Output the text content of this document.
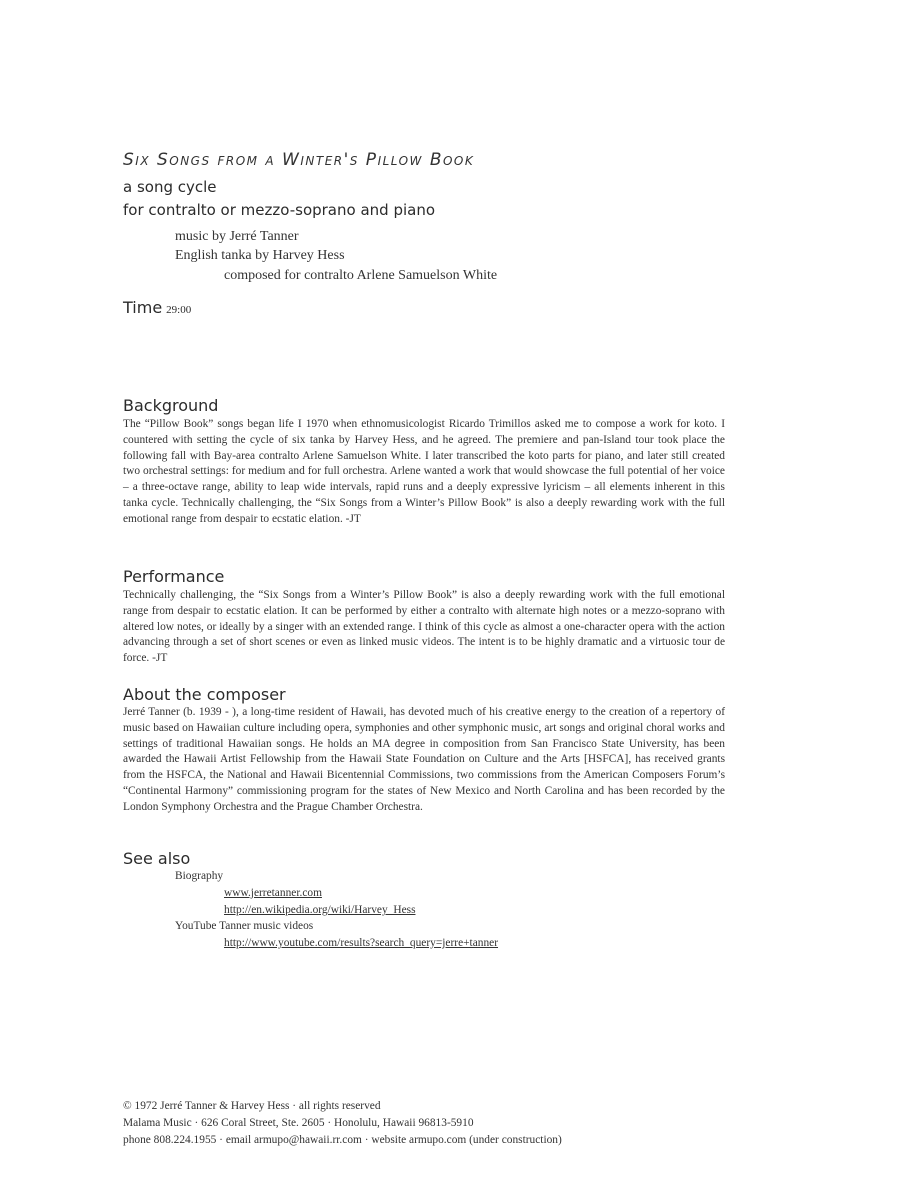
Six Songs from a Winter's Pillow Book
a song cycle
for contralto or mezzo-soprano and piano
music by Jerré Tanner
English tanka by Harvey Hess
composed for contralto Arlene Samuelson White
Time 29:00
Background
The “Pillow Book” songs began life I 1970 when ethnomusicologist Ricardo Trimillos asked me to compose a work for koto. I countered with setting the cycle of six tanka by Harvey Hess, and he agreed. The premiere and pan-Island tour took place the following fall with Bay-area contralto Arlene Samuelson White. I later transcribed the koto parts for piano, and later still created two orchestral settings: for medium and for full orchestra. Arlene wanted a work that would showcase the full potential of her voice – a three-octave range, ability to leap wide intervals, rapid runs and a deeply expressive lyricism – all elements inherent in this tanka cycle. Technically challenging, the “Six Songs from a Winter’s Pillow Book” is also a deeply rewarding work with the full emotional range from despair to ecstatic elation. -JT
Performance
Technically challenging, the “Six Songs from a Winter’s Pillow Book” is also a deeply rewarding work with the full emotional range from despair to ecstatic elation. It can be performed by either a contralto with alternate high notes or a mezzo-soprano with altered low notes, or ideally by a singer with an extended range. I think of this cycle as almost a one-character opera with the action advancing through a set of short scenes or even as linked music videos. The intent is to be highly dramatic and a virtuosic tour de force. -JT
About the composer
Jerré Tanner (b. 1939 - ), a long-time resident of Hawaii, has devoted much of his creative energy to the creation of a repertory of music based on Hawaiian culture including opera, symphonies and other symphonic music, art songs and original choral works and settings of traditional Hawaiian songs. He holds an MA degree in composition from San Francisco State University, has been awarded the Hawaii Artist Fellowship from the Hawaii State Foundation on Culture and the Arts [HSFCA], has received grants from the HSFCA, the National and Hawaii Bicentennial Commissions, two commissions from the American Composers Forum’s “Continental Harmony” commissioning program for the states of New Mexico and North Carolina and has been recorded by the London Symphony Orchestra and the Prague Chamber Orchestra.
See also
Biography
www.jerretanner.com
http://en.wikipedia.org/wiki/Harvey_Hess
YouTube Tanner music videos
http://www.youtube.com/results?search_query=jerre+tanner
© 1972 Jerré Tanner & Harvey Hess · all rights reserved
Malama Music · 626 Coral Street, Ste. 2605 · Honolulu, Hawaii 96813-5910
phone 808.224.1955 · email armupo@hawaii.rr.com · website armupo.com (under construction)
